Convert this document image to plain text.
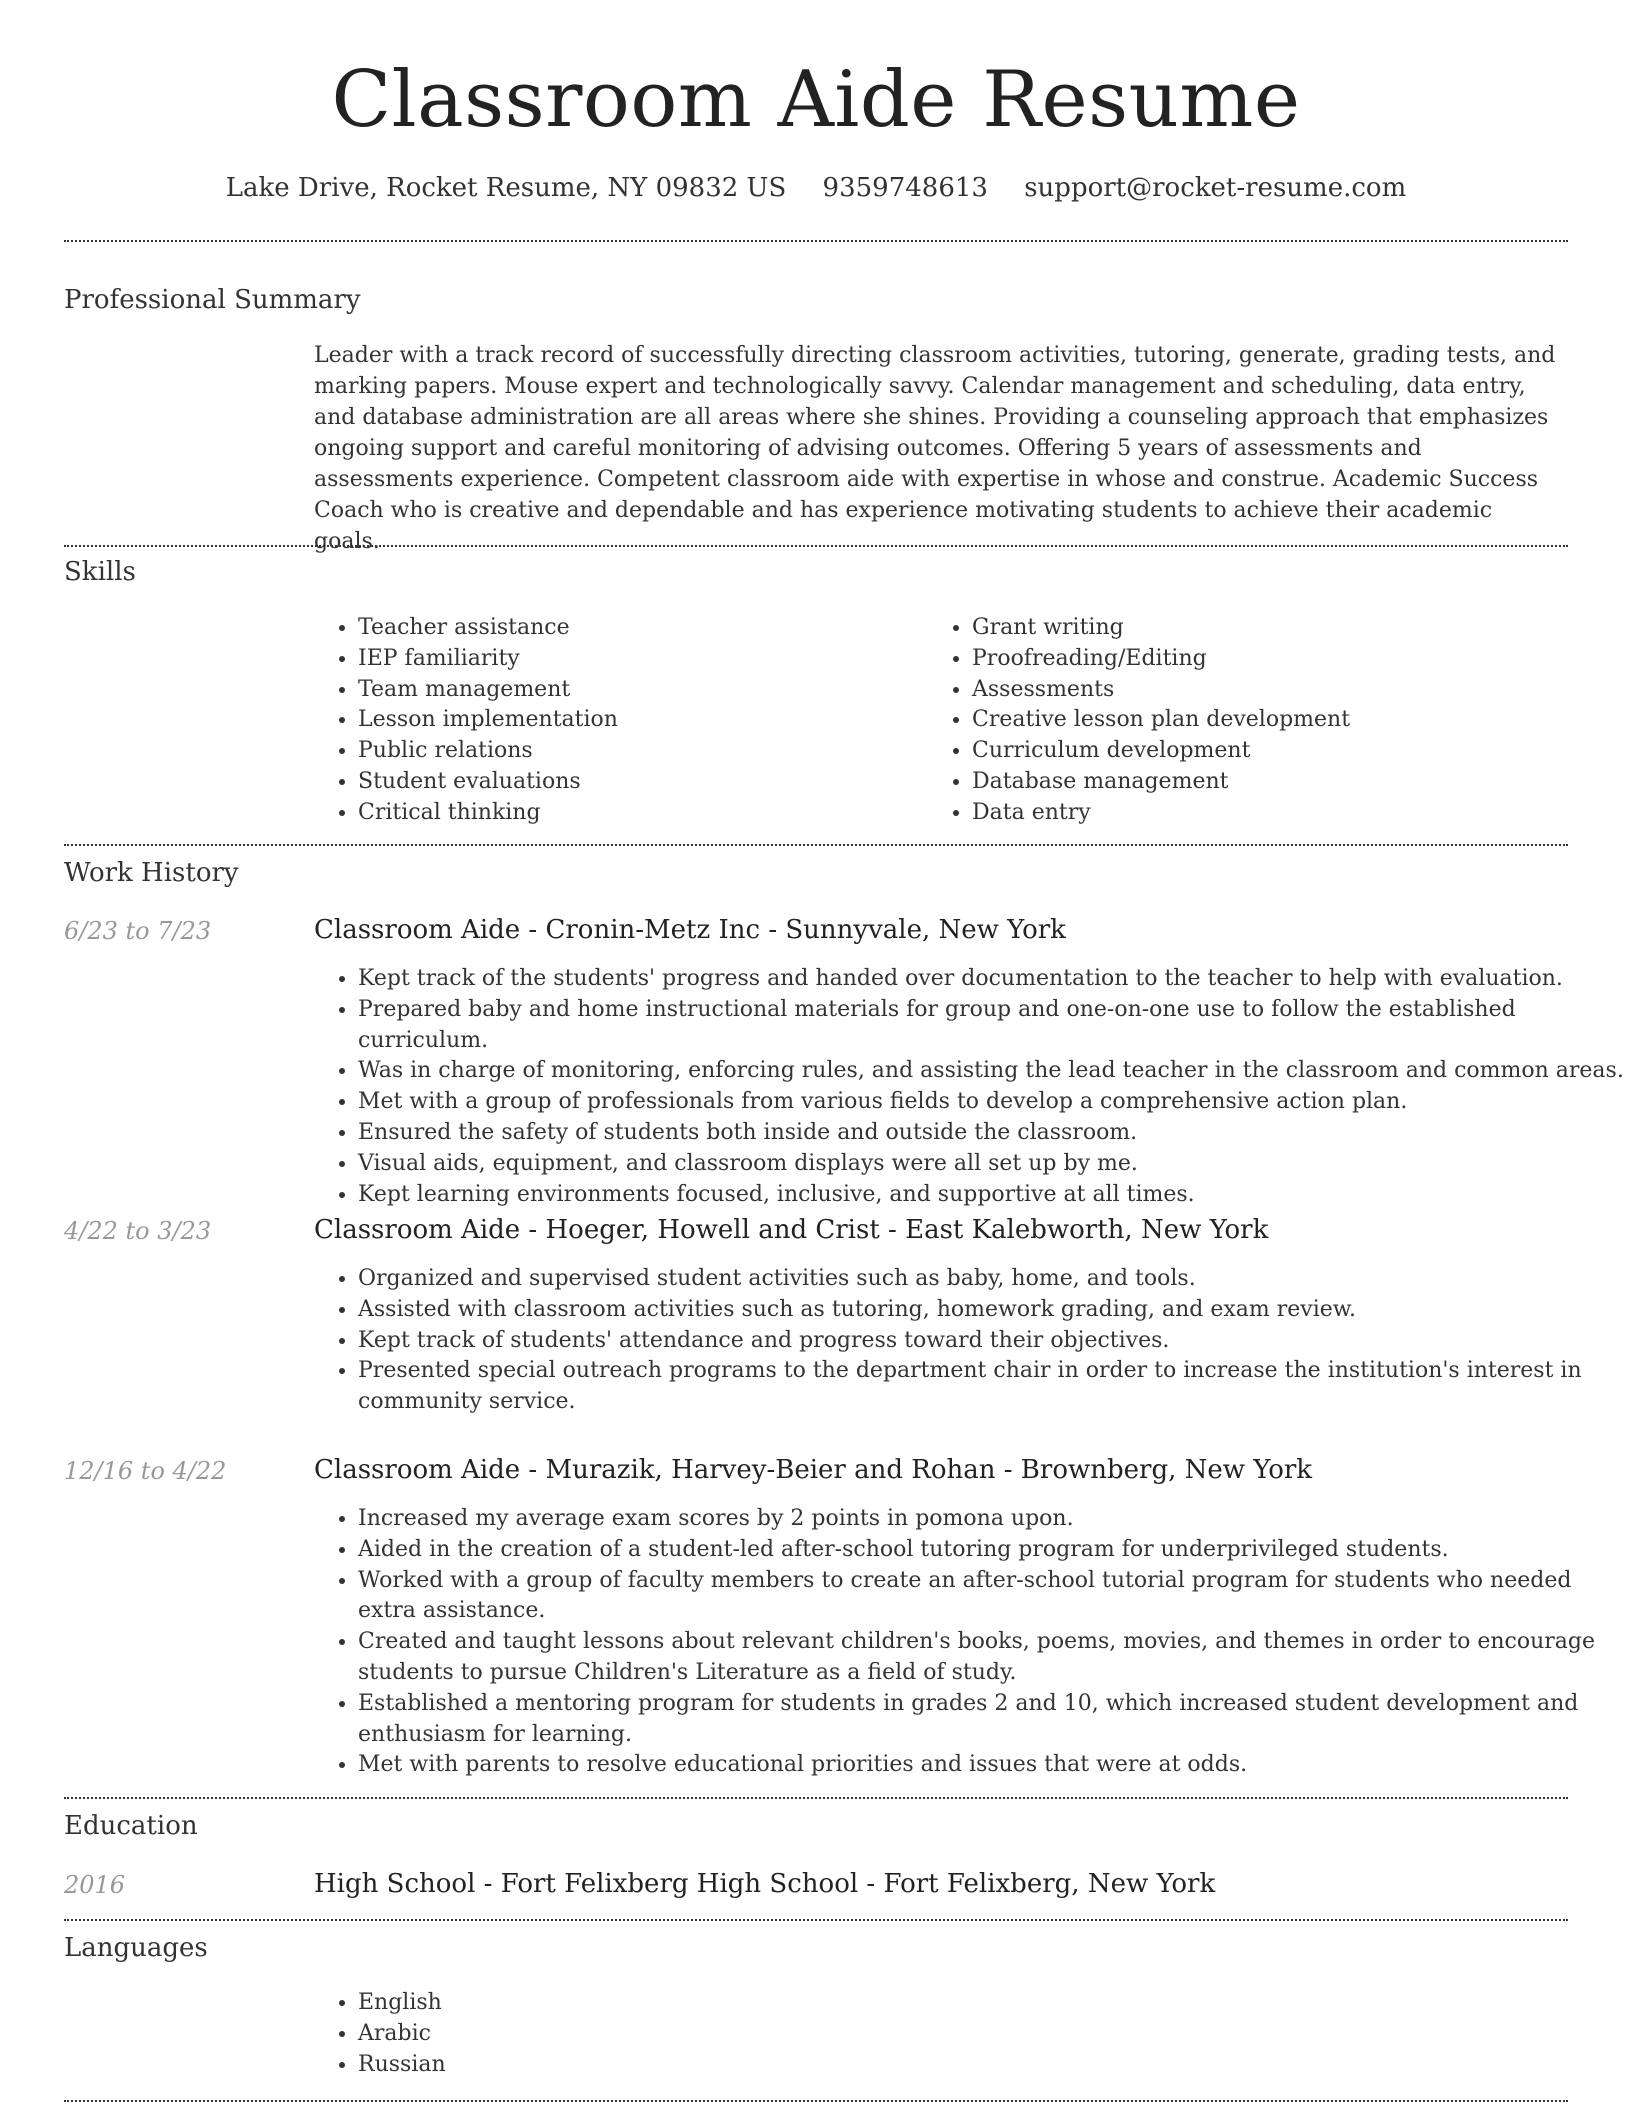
Classroom Aide Resume
Lake Drive, Rocket Resume, NY 09832 US 9359748613 support@rocket-resume.com
Professional Summary
Leader with a track record of successfully directing classroom activities, tutoring, generate, grading tests, and marking papers. Mouse expert and technologically savvy. Calendar management and scheduling, data entry, and database administration are all areas where she shines. Providing a counseling approach that emphasizes ongoing support and careful monitoring of advising outcomes. Offering 5 years of assessments and assessments experience. Competent classroom aide with expertise in whose and construe. Academic Success Coach who is creative and dependable and has experience motivating students to achieve their academic goals.
Skills
• Teacher assistance
• IEP familiarity
• Team management
• Lesson implementation
• Public relations
• Student evaluations
• Critical thinking
• Grant writing
• Proofreading/Editing
• Assessments
• Creative lesson plan development
• Curriculum development
• Database management
• Data entry
Work History
6/23 to 7/23	Classroom Aide - Cronin-Metz Inc - Sunnyvale, New York
• Kept track of the students' progress and handed over documentation to the teacher to help with evaluation.
• Prepared baby and home instructional materials for group and one-on-one use to follow the established curriculum.
• Was in charge of monitoring, enforcing rules, and assisting the lead teacher in the classroom and common areas.
• Met with a group of professionals from various fields to develop a comprehensive action plan.
• Ensured the safety of students both inside and outside the classroom.
• Visual aids, equipment, and classroom displays were all set up by me.
• Kept learning environments focused, inclusive, and supportive at all times.
4/22 to 3/23	Classroom Aide - Hoeger, Howell and Crist - East Kalebworth, New York
• Organized and supervised student activities such as baby, home, and tools.
• Assisted with classroom activities such as tutoring, homework grading, and exam review.
• Kept track of students' attendance and progress toward their objectives.
• Presented special outreach programs to the department chair in order to increase the institution's interest in community service.
12/16 to 4/22	Classroom Aide - Murazik, Harvey-Beier and Rohan - Brownberg, New York
• Increased my average exam scores by 2 points in pomona upon.
• Aided in the creation of a student-led after-school tutoring program for underprivileged students.
• Worked with a group of faculty members to create an after-school tutorial program for students who needed extra assistance.
• Created and taught lessons about relevant children's books, poems, movies, and themes in order to encourage students to pursue Children's Literature as a field of study.
• Established a mentoring program for students in grades 2 and 10, which increased student development and enthusiasm for learning.
• Met with parents to resolve educational priorities and issues that were at odds.
Education
2016	High School - Fort Felixberg High School - Fort Felixberg, New York
Languages
• English
• Arabic
• Russian
